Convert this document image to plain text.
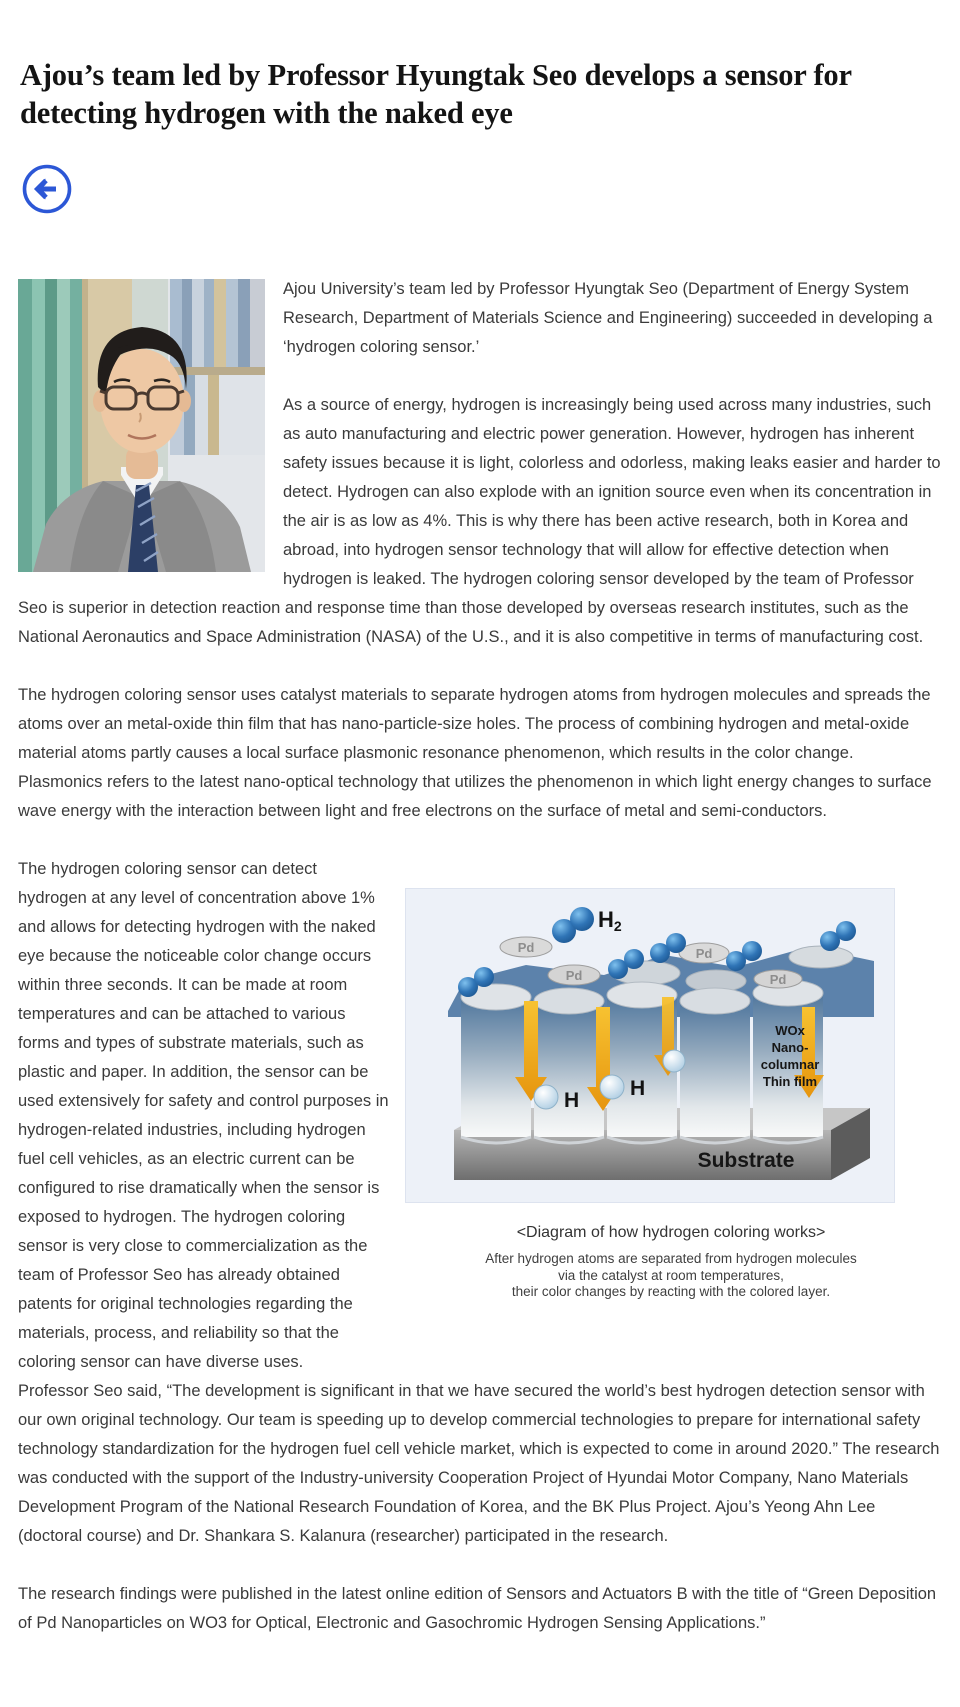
Ajou’s team led by Professor Hyungtak Seo develops a sensor for detecting hydrogen with the naked eye

Ajou University’s team led by Professor Hyungtak Seo (Department of Energy System Research, Department of Materials Science and Engineering) succeeded in developing a ‘hydrogen coloring sensor.’

As a source of energy, hydrogen is increasingly being used across many industries, such as auto manufacturing and electric power generation. However, hydrogen has inherent safety issues because it is light, colorless and odorless, making leaks easier and harder to detect. Hydrogen can also explode with an ignition source even when its concentration in the air is as low as 4%. This is why there has been active research, both in Korea and abroad, into hydrogen sensor technology that will allow for effective detection when hydrogen is leaked. The hydrogen coloring sensor developed by the team of Professor Seo is superior in detection reaction and response time than those developed by overseas research institutes, such as the National Aeronautics and Space Administration (NASA) of the U.S., and it is also competitive in terms of manufacturing cost.

The hydrogen coloring sensor uses catalyst materials to separate hydrogen atoms from hydrogen molecules and spreads the atoms over an metal-oxide thin film that has nano-particle-size holes. The process of combining hydrogen and metal-oxide material atoms partly causes a local surface plasmonic resonance phenomenon, which results in the color change. Plasmonics refers to the latest nano-optical technology that utilizes the phenomenon in which light energy changes to surface wave energy with the interaction between light and free electrons on the surface of metal and semi-conductors.

The hydrogen coloring sensor can detect hydrogen at any level of concentration above 1% and allows for detecting hydrogen with the naked eye because the noticeable color change occurs within three seconds. It can be made at room temperatures and can be attached to various forms and types of substrate materials, such as plastic and paper. In addition, the sensor can be used extensively for safety and control purposes in hydrogen-related industries, including hydrogen fuel cell vehicles, as an electric current can be configured to rise dramatically when the sensor is exposed to hydrogen. The hydrogen coloring sensor is very close to commercialization as the team of Professor Seo has already obtained patents for original technologies regarding the materials, process, and reliability so that the coloring sensor can have diverse uses.

Substrate
Pd
Pd
Pd
Pd
H2
H
H
WOx
Nano-
columnar
Thin film

<Diagram of how hydrogen coloring works>

After hydrogen atoms are separated from hydrogen molecules

via the catalyst at room temperatures,

their color changes by reacting with the colored layer.

Professor Seo said, “The development is significant in that we have secured the world’s best hydrogen detection sensor with our own original technology. Our team is speeding up to develop commercial technologies to prepare for international safety technology standardization for the hydrogen fuel cell vehicle market, which is expected to come in around 2020.” The research was conducted with the support of the Industry-university Cooperation Project of Hyundai Motor Company, Nano Materials Development Program of the National Research Foundation of Korea, and the BK Plus Project. Ajou’s Yeong Ahn Lee (doctoral course) and Dr. Shankara S. Kalanura (researcher) participated in the research.

The research findings were published in the latest online edition of Sensors and Actuators B with the title of “Green Deposition of Pd Nanoparticles on WO3 for Optical, Electronic and Gasochromic Hydrogen Sensing Applications.”
